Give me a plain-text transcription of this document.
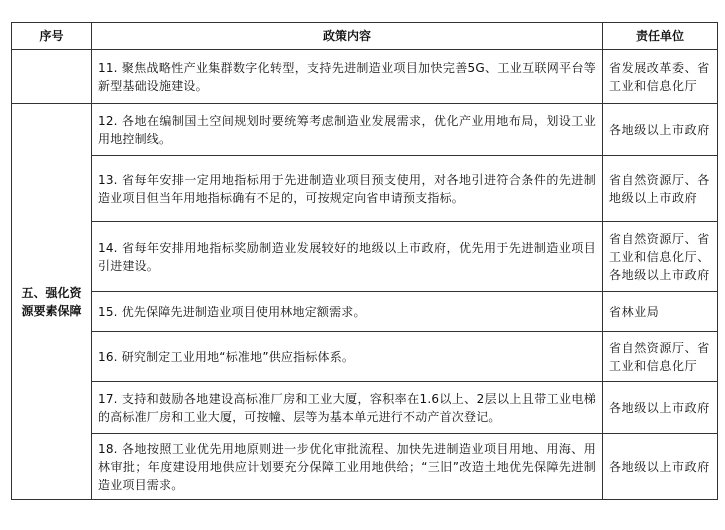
序号	政策内容	责任单位
	11. 聚焦战略性产业集群数字化转型，支持先进制造业项目加快完善5G、工业互联网平台等新型基础设施建设。	省发展改革委、省工业和信息化厅
五、强化资源要素保障	12. 各地在编制国土空间规划时要统筹考虑制造业发展需求，优化产业用地布局，划设工业用地控制线。	各地级以上市政府
	13. 省每年安排一定用地指标用于先进制造业项目预支使用，对各地引进符合条件的先进制造业项目但当年用地指标确有不足的，可按规定向省申请预支指标。	省自然资源厅、各地级以上市政府
	14. 省每年安排用地指标奖励制造业发展较好的地级以上市政府，优先用于先进制造业项目引进建设。	省自然资源厅、省工业和信息化厅、各地级以上市政府
	15. 优先保障先进制造业项目使用林地定额需求。	省林业局
	16. 研究制定工业用地“标准地”供应指标体系。	省自然资源厅、省工业和信息化厅
	17. 支持和鼓励各地建设高标准厂房和工业大厦，容积率在1.6以上、2层以上且带工业电梯的高标准厂房和工业大厦，可按幢、层等为基本单元进行不动产首次登记。	各地级以上市政府
	18. 各地按照工业优先用地原则进一步优化审批流程、加快先进制造业项目用地、用海、用林审批；年度建设用地供应计划要充分保障工业用地供给；“三旧”改造土地优先保障先进制造业项目需求。	各地级以上市政府
